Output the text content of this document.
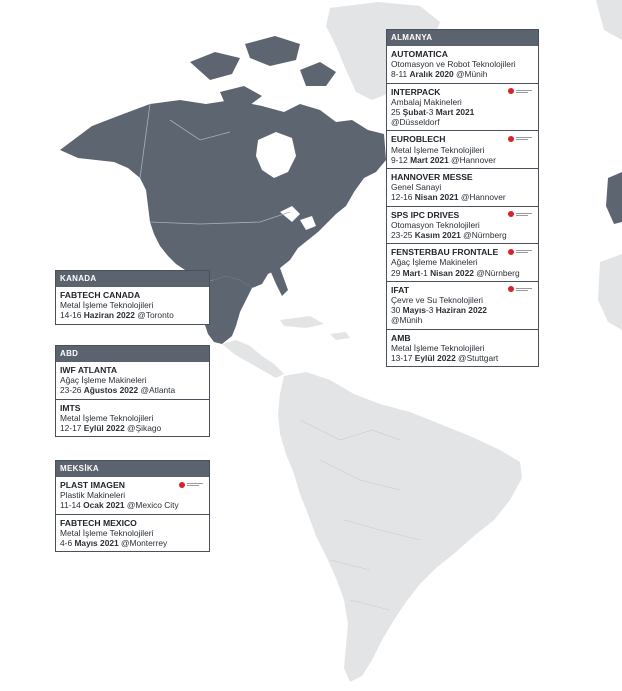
ALMANYA
AUTOMATICA
Otomasyon ve Robot Teknolojileri
8-11 Aralık 2020 @Münih
INTERPACK
Ambalaj Makineleri
25 Şubat-3 Mart 2021
@Düsseldorf
EUROBLECH
Metal İşleme Teknolojileri
9-12 Mart 2021 @Hannover
HANNOVER MESSE
Genel Sanayi
12-16 Nisan 2021 @Hannover
SPS IPC DRIVES
Otomasyon Teknolojileri
23-25 Kasım 2021 @Nürnberg
FENSTERBAU FRONTALE
Ağaç İşleme Makineleri
29 Mart-1 Nisan 2022 @Nürnberg
IFAT
Çevre ve Su Teknolojileri
30 Mayıs-3 Haziran 2022
@Münih
AMB
Metal İşleme Teknolojileri
13-17 Eylül 2022 @Stuttgart
KANADA
FABTECH CANADA
Metal İşleme Teknolojileri
14-16 Haziran 2022 @Toronto
ABD
IWF ATLANTA
Ağaç İşleme Makineleri
23-26 Ağustos 2022 @Atlanta
IMTS
Metal İşleme Teknolojileri
12-17 Eylül 2022 @Şikago
MEKSİKA
PLAST IMAGEN
Plastik Makineleri
11-14 Ocak 2021 @Mexico City
FABTECH MEXICO
Metal İşleme Teknolojileri
4-6 Mayıs 2021 @Monterrey
